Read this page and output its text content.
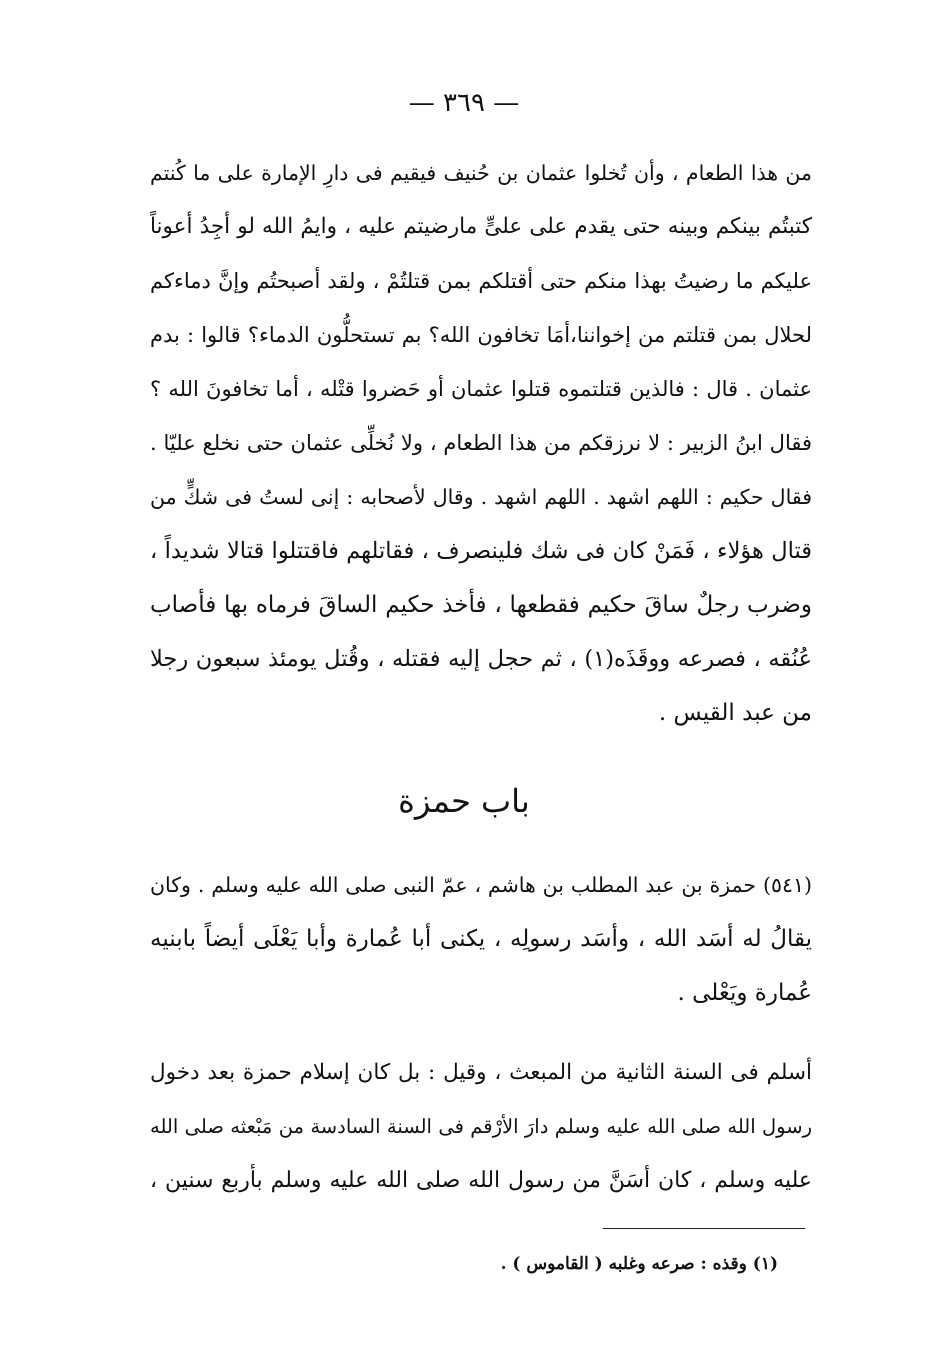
— ٣٦٩ —
من هذا الطعام ، وأن تُخلوا عثمان بن حُنيف فيقيم فى دارِ الإمارة على ما كُنتم
كتبتُم بينكم وبينه حتى يقدم على علىٍّ مارضيتم عليه ، وايمُ الله لو أجِدُ أعوناً
عليكم ما رضيتُ بهذا منكم حتى أقتلكم بمن قتلتُمْ ، ولقد أصبحتُم وإنَّ دماءكم
لحلال بمن قتلتم من إخواننا،أمَا تخافون الله؟ بم تستحلُّون الدماء؟ قالوا : بدم
عثمان . قال : فالذين قتلتموه قتلوا عثمان أو حَضروا قتْله ، أما تخافونَ الله ؟
فقال ابنُ الزبير : لا نرزقكم من هذا الطعام ، ولا نُخلِّى عثمان حتى نخلع عليّا .
فقال حكيم : اللهم اشهد . اللهم اشهد . وقال لأصحابه : إنى لستُ فى شكٍّ من
قتال هؤلاء ، فَمَنْ كان فى شك فلينصرف ، فقاتلهم فاقتتلوا قتالا شديداً ،
وضرب رجلٌ ساقَ حكيم فقطعها ، فأخذ حكيم الساقَ فرماه بها فأصاب
عُنُقه ، فصرعه ووقَذَه(١) ، ثم حجل إليه فقتله ، وقُتل يومئذ سبعون رجلا
من عبد القيس .
باب حمزة
(٥٤١) حمزة بن عبد المطلب بن هاشم ، عمّ النبى صلى الله عليه وسلم . وكان
يقالُ له أسَد الله ، وأسَد رسولِه ، يكنى أبا عُمارة وأبا يَعْلَى أيضاً بابنيه
عُمارة ويَعْلى .
أسلم فى السنة الثانية من المبعث ، وقيل : بل كان إسلام حمزة بعد دخول
رسول الله صلى الله عليه وسلم دارَ الأرْقم فى السنة السادسة من مَبْعثه صلى الله
عليه وسلم ، كان أسَنَّ من رسول الله صلى الله عليه وسلم بأربع سنين ،
(١) وقذه : صرعه وغلبه ( القاموس ) .
